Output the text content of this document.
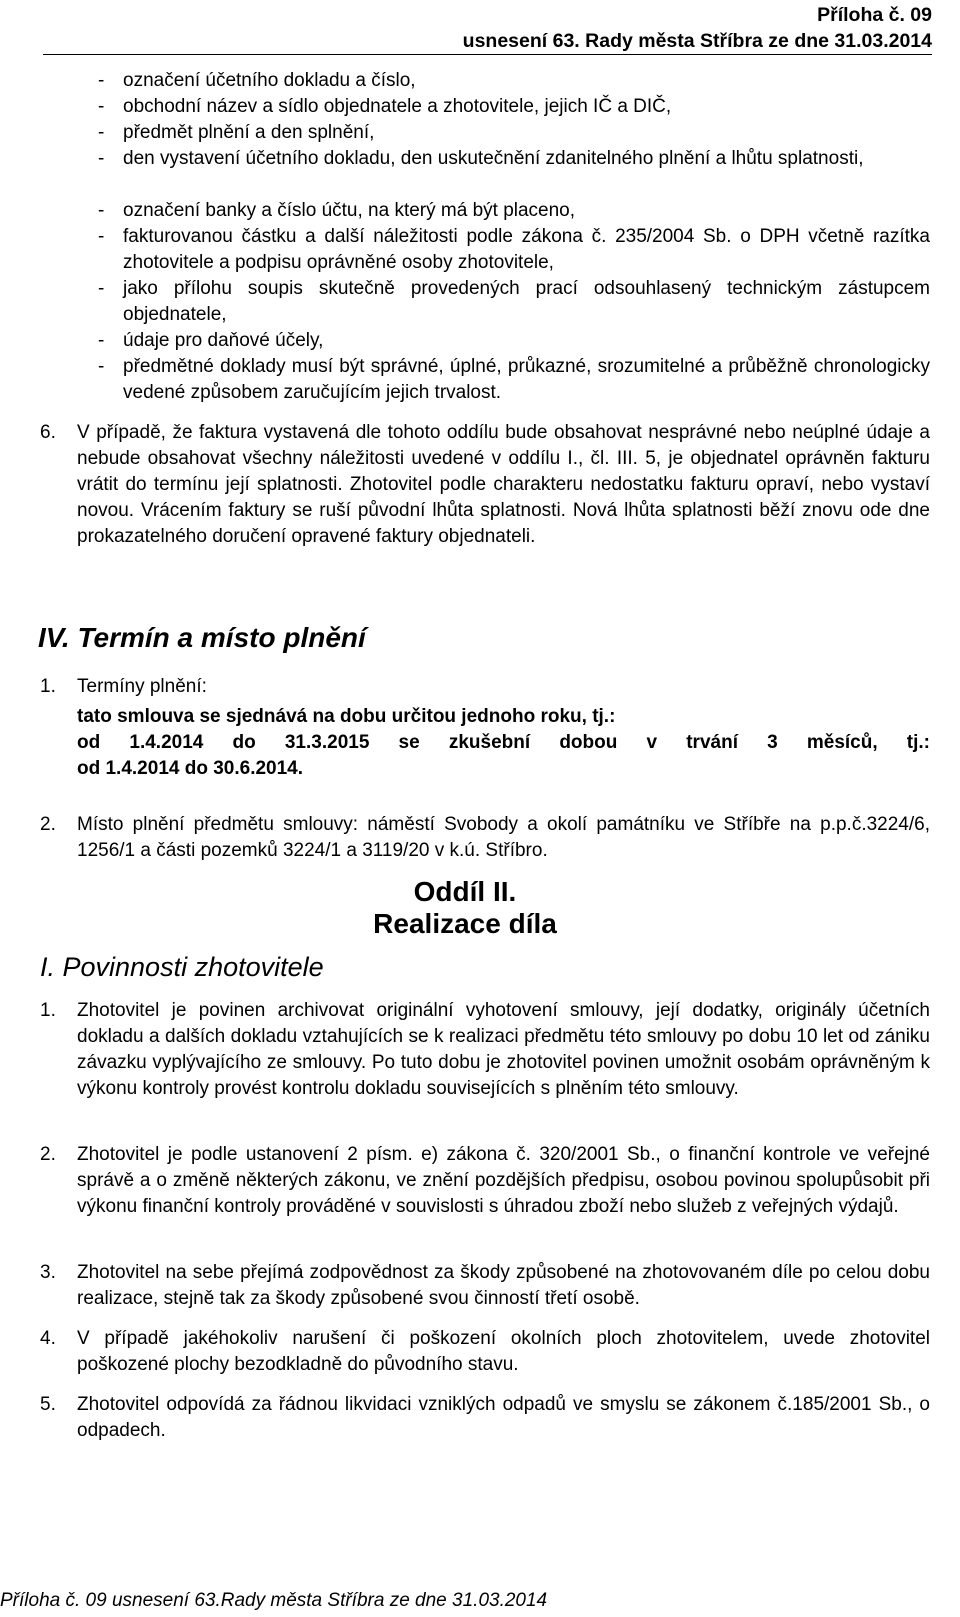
Příloha č. 09
usnesení 63. Rady města Stříbra ze dne 31.03.2014
- označení účetního dokladu a číslo,
- obchodní název a sídlo objednatele a zhotovitele, jejich IČ a DIČ,
- předmět plnění a den splnění,
- den vystavení účetního dokladu, den uskutečnění zdanitelného plnění a lhůtu splatnosti,
- označení banky a číslo účtu, na který má být placeno,
- fakturovanou částku a další náležitosti podle zákona č. 235/2004 Sb. o DPH včetně razítka zhotovitele a podpisu oprávněné osoby zhotovitele,
- jako přílohu soupis skutečně provedených prací odsouhlasený technickým zástupcem objednatele,
- údaje pro daňové účely,
- předmětné doklady musí být správné, úplné, průkazné, srozumitelné a průběžně chronologicky vedené způsobem zaručujícím jejich trvalost.
6. V případě, že faktura vystavená dle tohoto oddílu bude obsahovat nesprávné nebo neúplné údaje a nebude obsahovat všechny náležitosti uvedené v oddílu I., čl. III. 5, je objednatel oprávněn fakturu vrátit do termínu její splatnosti. Zhotovitel podle charakteru nedostatku fakturu opraví, nebo vystaví novou. Vrácením faktury se ruší původní lhůta splatnosti. Nová lhůta splatnosti běží znovu ode dne prokazatelného doručení opravené faktury objednateli.
IV. Termín a místo plnění
1. Termíny plnění:
tato smlouva se sjednává na dobu určitou jednoho roku, tj.:
od 1.4.2014 do 31.3.2015 se zkušební dobou v trvání 3 měsíců, tj.:
od 1.4.2014 do 30.6.2014.
2. Místo plnění předmětu smlouvy: náměstí Svobody a okolí památníku ve Stříbře na p.p.č.3224/6, 1256/1 a části pozemků 3224/1 a 3119/20 v k.ú. Stříbro.
Oddíl II.
Realizace díla
I. Povinnosti zhotovitele
1. Zhotovitel je povinen archivovat originální vyhotovení smlouvy, její dodatky, originály účetních dokladu a dalších dokladu vztahujících se k realizaci předmětu této smlouvy po dobu 10 let od zániku závazku vyplývajícího ze smlouvy. Po tuto dobu je zhotovitel povinen umožnit osobám oprávněným k výkonu kontroly provést kontrolu dokladu souvisejících s plněním této smlouvy.
2. Zhotovitel je podle ustanovení 2 písm. e) zákona č. 320/2001 Sb., o finanční kontrole ve veřejné správě a o změně některých zákonu, ve znění pozdějších předpisu, osobou povinou spolupůsobit při výkonu finanční kontroly prováděné v souvislosti s úhradou zboží nebo služeb z veřejných výdajů.
3. Zhotovitel na sebe přejímá zodpovědnost za škody způsobené na zhotovovaném díle po celou dobu realizace, stejně tak za škody způsobené svou činností třetí osobě.
4. V případě jakéhokoliv narušení či poškození okolních ploch zhotovitelem, uvede zhotovitel poškozené plochy bezodkladně do původního stavu.
5. Zhotovitel odpovídá za řádnou likvidaci vzniklých odpadů ve smyslu se zákonem č.185/2001 Sb., o odpadech.
Příloha č. 09 usnesení 63.Rady města Stříbra ze dne 31.03.2014
